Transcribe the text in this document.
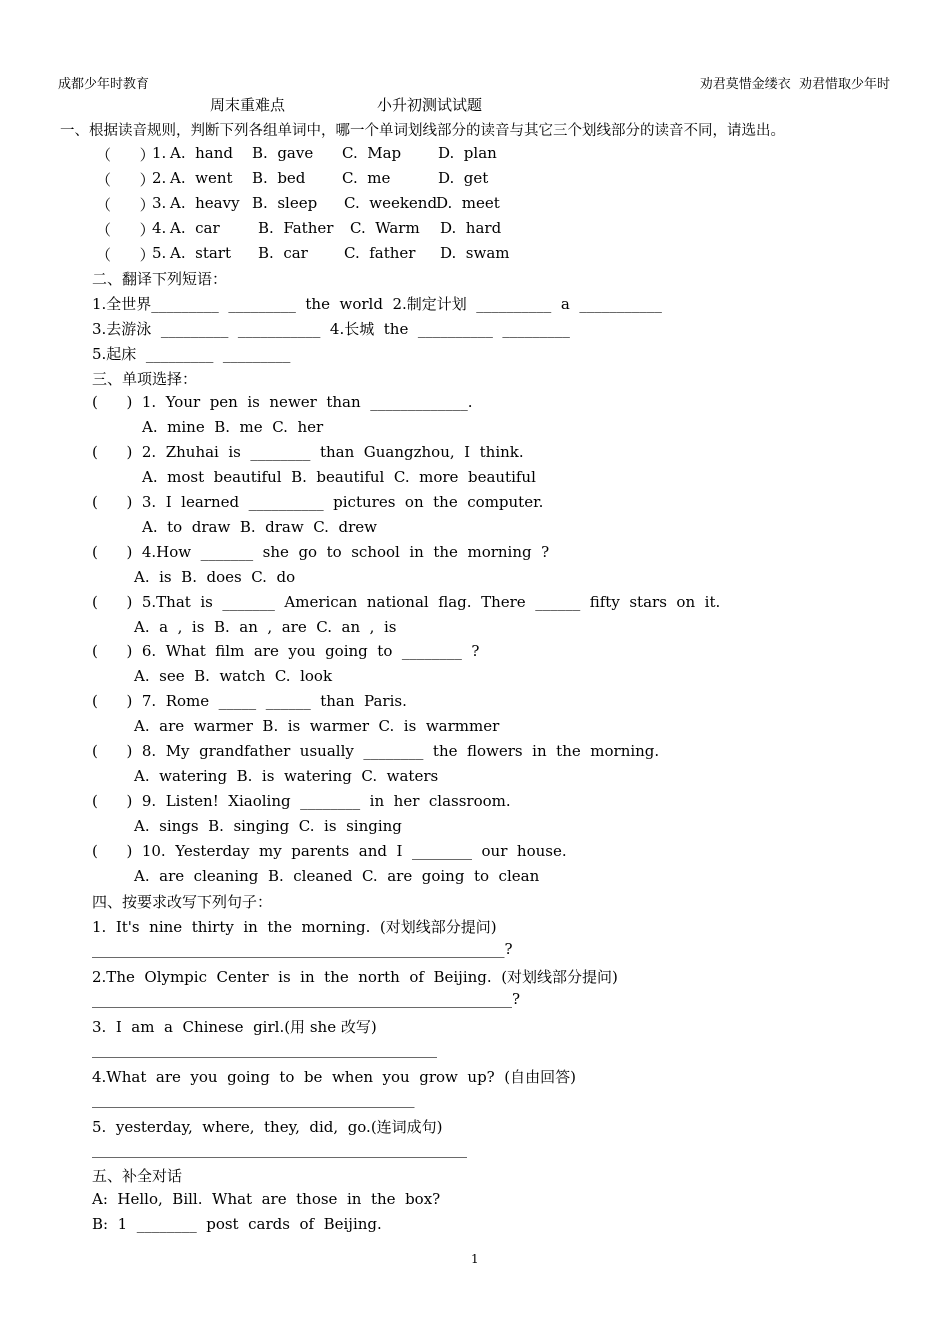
成都少年时教育	劝君莫惜金缕衣  劝君惜取少年时
周末重难点	小升初测试试题
一、根据读音规则，判断下列各组单词中，哪一个单词划线部分的读音与其它三个划线部分的读音不同，请选出。
（      ）
1. A.  hand B.  gave C.  Map D.  plan
（      ）
2. A.  went B.  bed C.  me	D.  get
（      ）
3. A.  heavy B.  sleep C.  weekend
D.  meet
（      ）
4. A.  car	B.  Father C.  Warm D.  hard
（      ）
5. A.  start B.  car C.  father D.  swam
二、翻译下列短语：
1.全世界_________  _________  the  world  2.制定计划  __________  a  ___________
3.去游泳  _________  ___________  4.长城  the  __________  _________
5.起床  _________  _________
三、单项选择：
(      )  1.  Your  pen  is  newer  than  _____________.
A.  mine  B.  me  C.  her
(      )  2.  Zhuhai  is  ________  than  Guangzhou,  I  think.
A.  most  beautiful  B.  beautiful  C.  more  beautiful
(      )  3.  I  learned  __________  pictures  on  the  computer.
A.  to  draw  B.  draw  C.  drew
(      )  4.How  _______  she  go  to  school  in  the  morning  ?
A.  is  B.  does  C.  do
(      )  5.That  is  _______  American  national  flag.  There  ______  fifty  stars  on  it.
A.  a  ,  is  B.  an  ,  are  C.  an  ,  is
(      )  6.  What  film  are  you  going  to  ________  ?
A.  see  B.  watch  C.  look
(      )  7.  Rome  _____  ______  than  Paris.
A.  are  warmer  B.  is  warmer  C.  is  warmmer
(      )  8.  My  grandfather  usually  ________  the  flowers  in  the  morning.
A.  watering  B.  is  watering  C.  waters
(      )  9.  Listen!  Xiaoling  ________  in  her  classroom.
A.  sings  B.  singing  C.  is  singing
(      )  10.  Yesterday  my  parents  and  I  ________  our  house.
A.  are  cleaning  B.  cleaned  C.  are  going  to  clean
四、按要求改写下列句子：
1.  It's  nine  thirty  in  the  morning.  (对划线部分提问)
_______________________________________________________?
2.The  Olympic  Center  is  in  the  north  of  Beijing.  (对划线部分提问)
________________________________________________________?
3.  I  am  a  Chinese  girl.(用 she 改写)
______________________________________________
4.What  are  you  going  to  be  when  you  grow  up?  (自由回答)
___________________________________________
5.  yesterday,  where,  they,  did,  go.(连词成句)
__________________________________________________
五、补全对话
A:  Hello,  Bill.  What  are  those  in  the  box?
B:  1  ________  post  cards  of  Beijing.
1
